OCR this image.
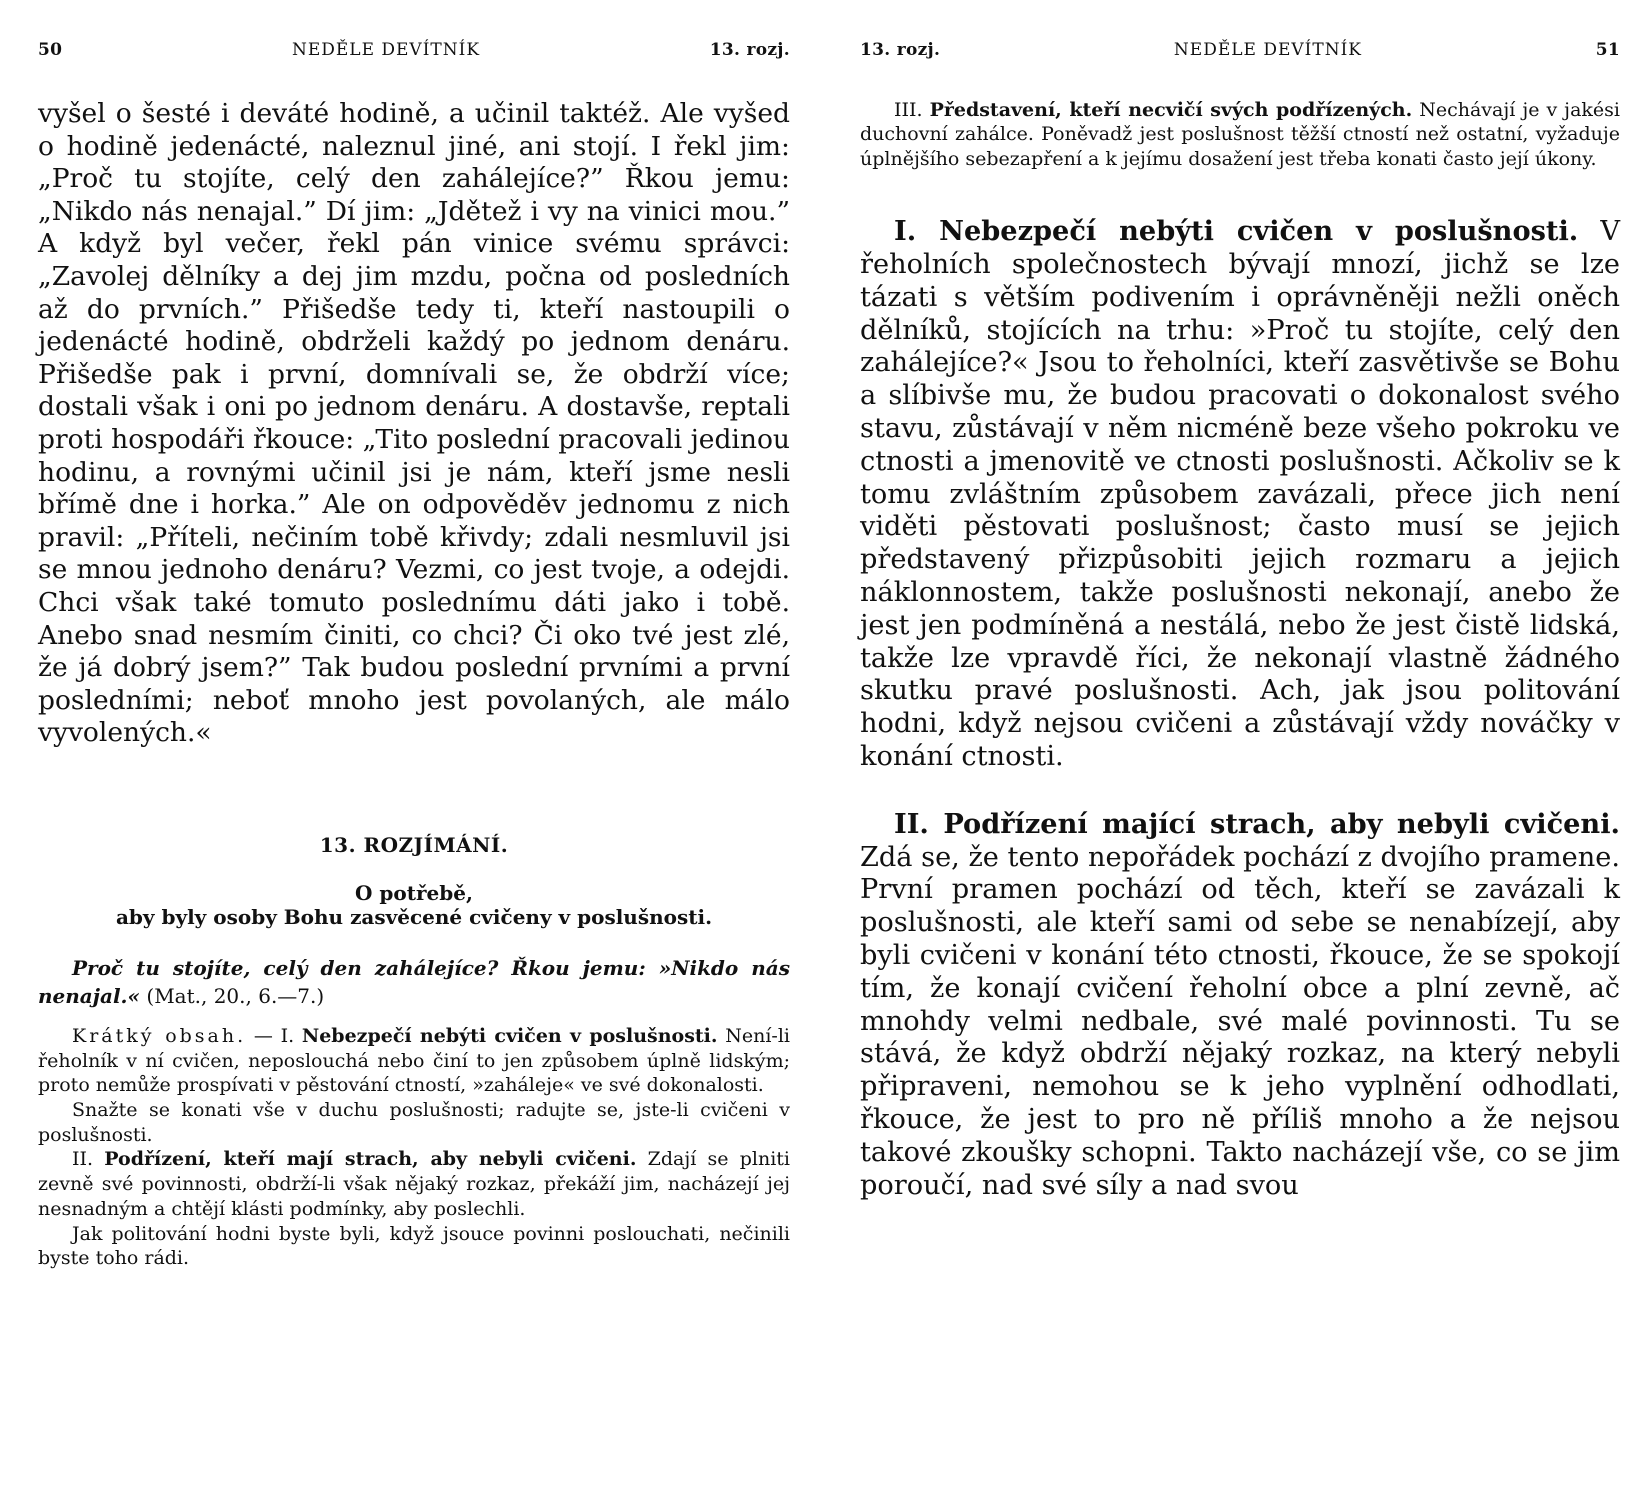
50	NEDĚLE DEVÍTNÍK	13. rozj.

vyšel o šesté i deváté hodině, a učinil taktéž. Ale vyšed o hodině jedenácté, naleznul jiné, ani stojí. I řekl jim: „Proč tu stojíte, celý den zahálejíce?” Řkou jemu: „Nikdo nás nenajal.” Dí jim: „Jdětež i vy na vinici mou.” A když byl večer, řekl pán vinice svému správci: „Zavolej dělníky a dej jim mzdu, počna od posledních až do prvních.” Přišedše tedy ti, kteří nastoupili o jedenácté hodině, obdrželi každý po jednom denáru. Přišedše pak i první, domnívali se, že obdrží více; dostali však i oni po jednom denáru. A dostavše, reptali proti hospodáři řkouce: „Tito poslední pracovali jedinou hodinu, a rovnými učinil jsi je nám, kteří jsme nesli břímě dne i horka.” Ale on odpověděv jednomu z nich pravil: „Příteli, nečiním tobě křivdy; zdali nesmluvil jsi se mnou jednoho denáru? Vezmi, co jest tvoje, a odejdi. Chci však také tomuto poslednímu dáti jako i tobě. Anebo snad nesmím činiti, co chci? Či oko tvé jest zlé, že já dobrý jsem?” Tak budou poslední prvními a první posledními; neboť mnoho jest povolaných, ale málo vyvolených.«

13. ROZJÍMÁNÍ.
O potřebě,
aby byly osoby Bohu zasvěcené cvičeny v poslušnosti.

Proč tu stojíte, celý den zahálejíce? Řkou jemu: »Nikdo nás nenajal.« (Mat., 20., 6.—7.)

Krátký obsah. — I. Nebezpečí nebýti cvičen v poslušnosti. Není-li řeholník v ní cvičen, neposlouchá nebo činí to jen způsobem úplně lidským; proto nemůže prospívati v pěstování ctností, »zaháleje« ve své dokonalosti.

Snažte se konati vše v duchu poslušnosti; radujte se, jste-li cvičeni v poslušnosti.

II. Podřízení, kteří mají strach, aby nebyli cvičeni. Zdají se plniti zevně své povinnosti, obdrží-li však nějaký rozkaz, překáží jim, nacházejí jej nesnadným a chtějí klásti podmínky, aby poslechli.

Jak politování hodni byste byli, když jsouce povinni poslouchati, nečinili byste toho rádi.

13. rozj.	NEDĚLE DEVÍTNÍK	51

III. Představení, kteří necvičí svých podřízených. Nechávají je v jakési duchovní zahálce. Poněvadž jest poslušnost těžší ctností než ostatní, vyžaduje úplnějšího sebezapření a k jejímu dosažení jest třeba konati často její úkony.

I. Nebezpečí nebýti cvičen v poslušnosti. V řeholních společnostech bývají mnozí, jichž se lze tázati s větším podivením i oprávněněji nežli oněch dělníků, stojících na trhu: »Proč tu stojíte, celý den zahálejíce?« Jsou to řeholníci, kteří zasvětivše se Bohu a slíbivše mu, že budou pracovati o dokonalost svého stavu, zůstávají v něm nicméně beze všeho pokroku ve ctnosti a jmenovitě ve ctnosti poslušnosti. Ačkoliv se k tomu zvláštním způsobem zavázali, přece jich není viděti pěstovati poslušnost; často musí se jejich představený přizpůsobiti jejich rozmaru a jejich náklonnostem, takže poslušnosti nekonají, anebo že jest jen podmíněná a nestálá, nebo že jest čistě lidská, takže lze vpravdě říci, že nekonají vlastně žádného skutku pravé poslušnosti. Ach, jak jsou politování hodni, když nejsou cvičeni a zůstávají vždy nováčky v konání ctnosti.

II. Podřízení mající strach, aby nebyli cvičeni. Zdá se, že tento nepořádek pochází z dvojího pramene. První pramen pochází od těch, kteří se zavázali k poslušnosti, ale kteří sami od sebe se nenabízejí, aby byli cvičeni v konání této ctnosti, řkouce, že se spokojí tím, že konají cvičení řeholní obce a plní zevně, ač mnohdy velmi nedbale, své malé povinnosti. Tu se stává, že když obdrží nějaký rozkaz, na který nebyli připraveni, nemohou se k jeho vyplnění odhodlati, řkouce, že jest to pro ně příliš mnoho a že nejsou takové zkoušky schopni. Takto nacházejí vše, co se jim poroučí, nad své síly a nad svou
